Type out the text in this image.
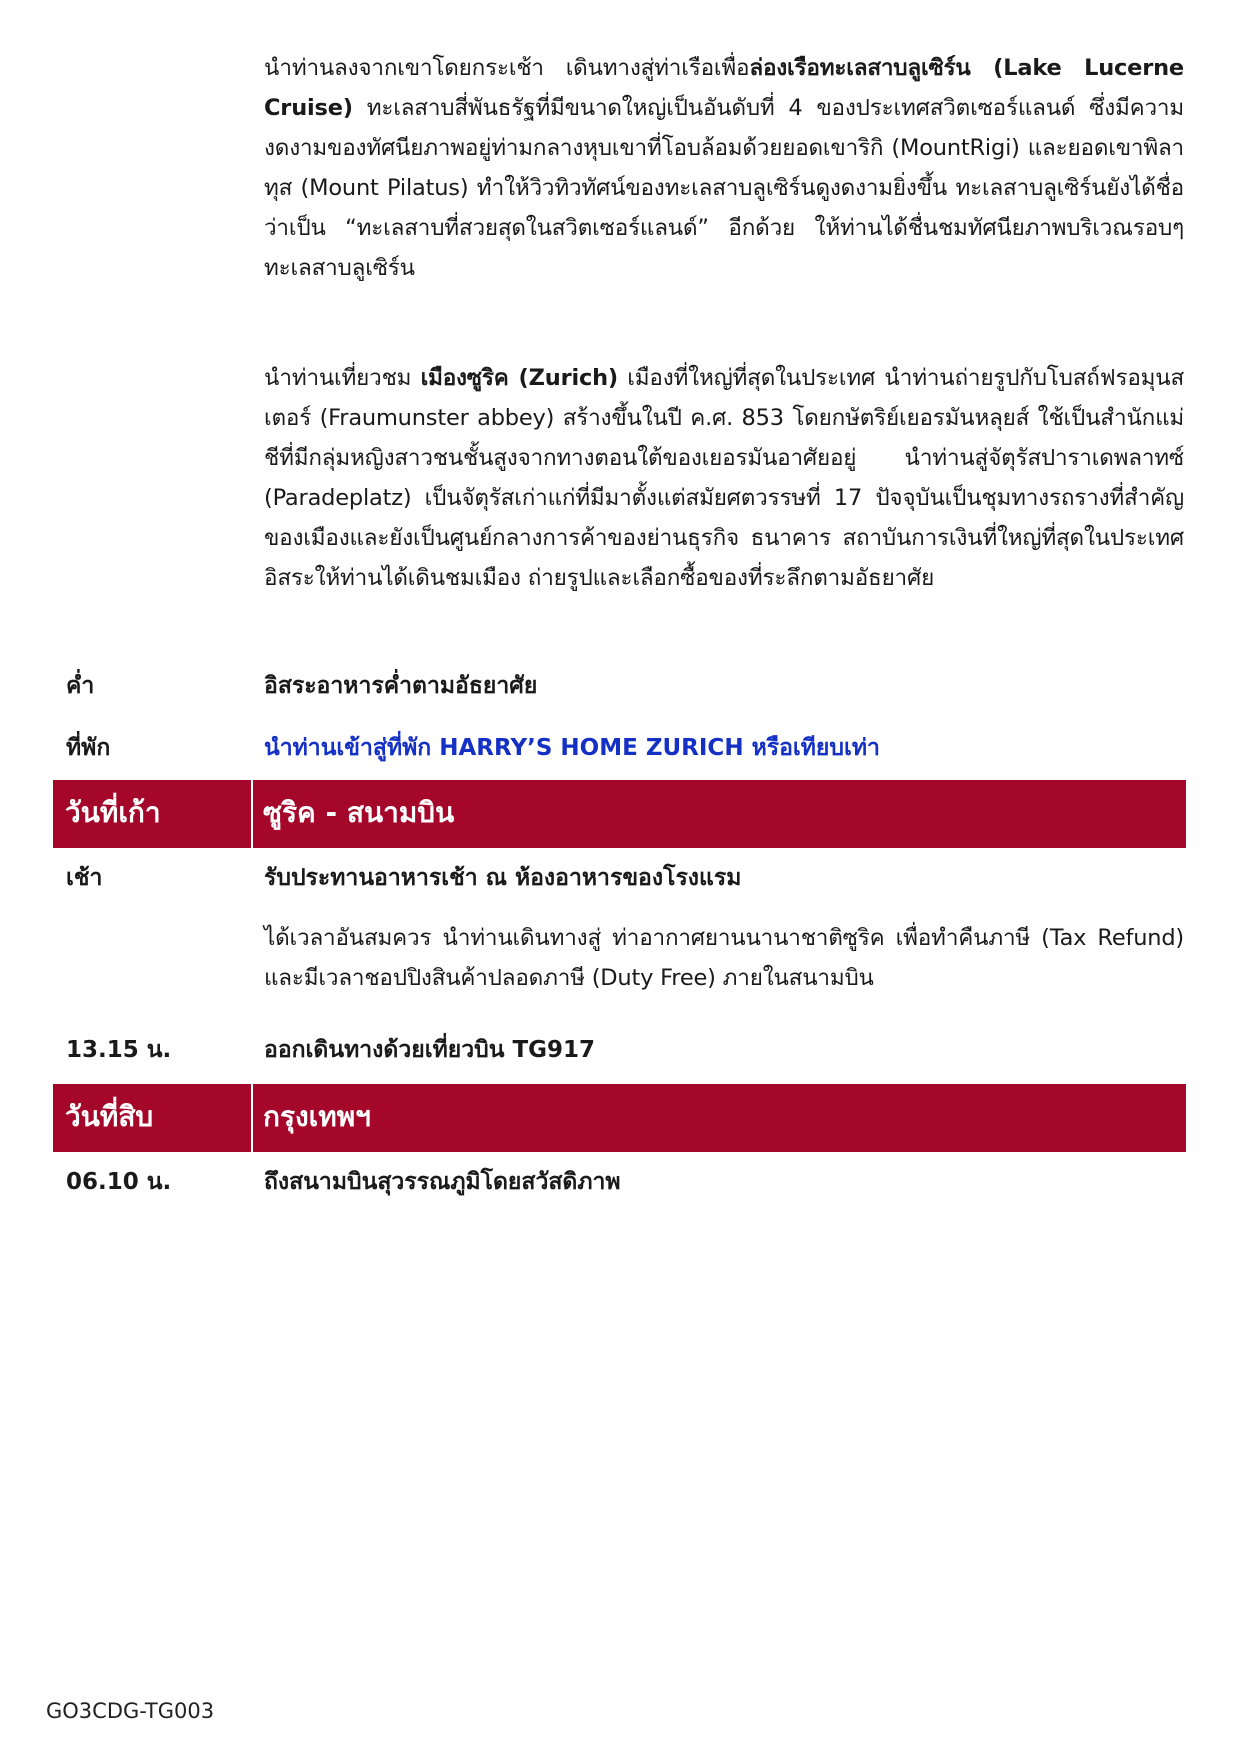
นำท่านลงจากเขาโดยกระเช้า เดินทางสู่ท่าเรือเพื่อล่องเรือทะเลสาบลูเซิร์น (Lake Lucerne Cruise) ทะเลสาบสี่พันธรัฐที่มีขนาดใหญ่เป็นอันดับที่ 4 ของประเทศสวิตเซอร์แลนด์ ซึ่งมีความงดงามของทัศนียภาพอยู่ท่ามกลางหุบเขาที่โอบล้อมด้วยยอดเขาริกิ (MountRigi) และยอดเขาพิลาทุส (Mount Pilatus) ทำให้วิวทิวทัศน์ของทะเลสาบลูเซิร์นดูงดงามยิ่งขึ้น ทะเลสาบลูเซิร์นยังได้ชื่อว่าเป็น “ทะเลสาบที่สวยสุดในสวิตเซอร์แลนด์” อีกด้วย ให้ท่านได้ชื่นชมทัศนียภาพบริเวณรอบๆทะเลสาบลูเซิร์น

นำท่านเที่ยวชม เมืองซูริค (Zurich) เมืองที่ใหญ่ที่สุดในประเทศ นำท่านถ่ายรูปกับโบสถ์ฟรอมุนสเตอร์ (Fraumunster abbey) สร้างขึ้นในปี ค.ศ. 853 โดยกษัตริย์เยอรมันหลุยส์ ใช้เป็นสำนักแม่ชีที่มีกลุ่มหญิงสาวชนชั้นสูงจากทางตอนใต้ของเยอรมันอาศัยอยู่ นำท่านสู่จัตุรัสปาราเดพลาทซ์ (Paradeplatz) เป็นจัตุรัสเก่าแก่ที่มีมาตั้งแต่สมัยศตวรรษที่ 17 ปัจจุบันเป็นชุมทางรถรางที่สำคัญของเมืองและยังเป็นศูนย์กลางการค้าของย่านธุรกิจ ธนาคาร สถาบันการเงินที่ใหญ่ที่สุดในประเทศ อิสระให้ท่านได้เดินชมเมือง ถ่ายรูปและเลือกซื้อของที่ระลึกตามอัธยาศัย

ค่ำ	อิสระอาหารค่ำตามอัธยาศัย
ที่พัก	นำท่านเข้าสู่ที่พัก HARRY’S HOME ZURICH หรือเทียบเท่า
วันที่เก้า	ซูริค - สนามบิน
เช้า	รับประทานอาหารเช้า ณ ห้องอาหารของโรงแรม

ได้เวลาอันสมควร นำท่านเดินทางสู่ ท่าอากาศยานนานาชาติซูริค เพื่อทำคืนภาษี (Tax Refund) และมีเวลาชอปปิงสินค้าปลอดภาษี (Duty Free) ภายในสนามบิน

13.15 น.	ออกเดินทางด้วยเที่ยวบิน TG917
วันที่สิบ	กรุงเทพฯ
06.10 น.	ถึงสนามบินสุวรรณภูมิโดยสวัสดิภาพ
GO3CDG-TG003
